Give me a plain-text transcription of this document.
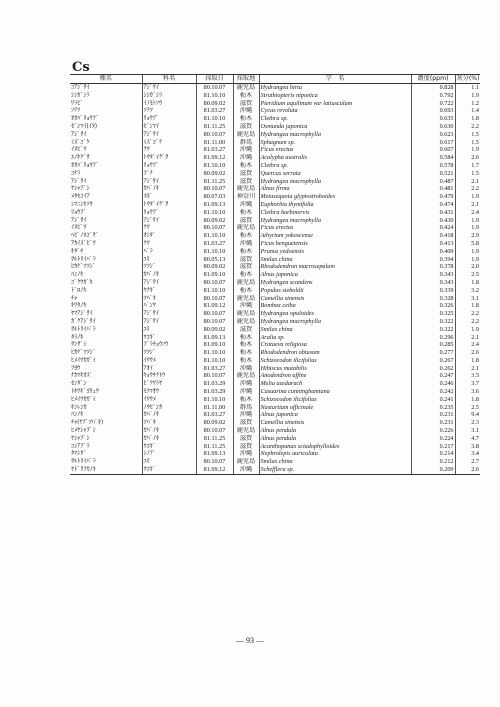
Cs
種名	科名	採取日	採取地	学　名	濃度(ppm)	灰分(%)
ｺｱｼﾞｻｲ	ｱｼﾞｻｲ	80.10.07	鹿児島	Hydrangea hirta	0.828	1.1
ｼｼｶﾞｼﾗ	ｼｼｶﾞｼﾗ	81.10.10	栃木	Struthiopteris niponica	0.792	1.9
ﾜﾗﾋﾞ	ｲﾉﾓﾄｿｳ	80.09.02	滋賀	Pteridium aquilinum var latiusculum	0.722	1.2
ｿﾃﾂ	ｿﾃﾂ	81.03.27	沖縄	Cycas revoluta	0.693	1.4
ｵｵﾊﾞﾘｮｳﾌﾞ	ﾘｮｳﾌﾞ	81.10.10	栃木	Clethra sp.	0.635	1.8
ｾﾞﾝﾏｲ(ｲﾇ)	ｾﾞﾝﾏｲ	81.11.25	滋賀	Osmunda japonica	0.630	2.2
ｱｼﾞｻｲ	ｱｼﾞｻｲ	80.10.07	鹿児島	Hydrangea macrophylla	0.623	1.5
ﾐｽﾞｺﾞｹ	ﾐｽﾞｺﾞｹ	81.11.00	群馬	Sphagnum sp.	0.617	1.5
ｲﾇﾋﾞﾜ	ｸﾜ	81.03.27	沖縄	Ficus erectus	0.607	1.9
ｴﾉｷｸﾞｻ	ﾄｳﾀﾞｲｸﾞｻ	81.09.12	沖縄	Acalypha australis	0.584	2.6
ｵｵﾊﾞﾘｮｳﾌﾞ	ﾘｮｳﾌﾞ	81.10.10	栃木	Clethra sp.	0.578	1.7
ｺﾅﾗ	ﾌﾞﾅ	80.09.02	滋賀	Quercus serrata	0.521	1.5
ｱｼﾞｻｲ	ｱｼﾞｻｲ	81.11.25	滋賀	Hydrangea macrophylla	0.487	2.1
ﾔｼｬﾌﾞｼ	ｶﾊﾞﾉｷ	80.10.07	鹿児島	Alnus firma	0.481	2.2
ﾒﾀｾｺｲｱ	ｽｷﾞ	80.07.03	神奈川	Metasequoia glyptostroboides	0.479	1.9
ｼﾏﾆｼｷｿｳ	ﾄｳﾀﾞｲｸﾞｻ	81.09.13	沖縄	Euphorbia thymifolia	0.474	2.1
ﾘｮｳﾌﾞ	ﾘｮｳﾌﾞ	81.10.10	栃木	Clethra barbinervis	0.431	2.4
ｱｼﾞｻｲ	ｱｼﾞｻｲ	80.09.02	滋賀	Hydrangea macrophylla	0.430	1.9
ｲﾇﾋﾞﾜ	ｸﾜ	80.10.07	鹿児島	Ficus erectus	0.424	1.9
ﾍﾋﾞﾉﾈｺﾞｻﾞ	ｵｼﾀﾞ	81.10.10	栃木	Athyrium yokoscense	0.418	2.9
ｱｶｲｽﾞﾋﾞﾜ	ｸﾜ	81.03.27	沖縄	Ficus benguetensis	0.413	5.8
ｷﾀﾞﾁ	ﾊﾞﾗ	81.10.10	栃木	Prunus yedoensis	0.409	1.9
ｻﾙﾄﾘｲﾊﾞﾗ	ﾕﾘ	80.05.13	滋賀	Smilax china	0.394	1.9
ﾋｶｹﾞﾂﾂｼﾞ	ﾂﾂｼﾞ	80.09.02	滋賀	Rhododendron macrosepalum	0.378	2.0
ﾊﾝﾉｷ	ｶﾊﾞﾉｷ	81.09.10	栃木	Alnus japonica	0.343	2.5
ｺﾞｸｳｶﾞｷ	ｱｼﾞｻｲ	80.10.07	鹿児島	Hydrangea scandens	0.343	1.8
ﾄﾞﾛﾉｷ	ﾔﾅｷﾞ	81.10.10	栃木	Populus sieboldii	0.339	3.2
ﾁｬ	ﾂﾊﾞｷ	80.10.07	鹿児島	Camellia sinensis	0.328	3.1
ｷﾜﾀﾉｷ	ﾊﾟﾝﾔ	81.09.12	沖縄	Bombax ceiba	0.326	1.8
ﾔﾏｱｼﾞｻｲ	ｱｼﾞｻｲ	80.10.07	鹿児島	Hydrangea opuloides	0.325	2.2
ｶﾞｸｱｼﾞｻｲ	ｱｼﾞｻｲ	80.10.07	鹿児島	Hydrangea macrophylla	0.322	2.2
ｻﾙﾄﾘｲﾊﾞﾗ	ﾕﾘ	80.09.02	滋賀	Smilax china	0.322	1.9
ﾀﾗﾉｷ	ｳｺｷﾞ	81.09.13	栃木	Aralia sp.	0.296	2.1
ｻﾝｻﾞｼ	ﾌﾞﾗﾁｮｳｿｳ	81.09.10	栃木	Crataeva religiosa	0.285	2.4
ﾋｶｹﾞﾂﾂｼﾞ	ﾂﾂｼﾞ	81.10.10	栃木	Rhododendron obtusum	0.277	2.6
ﾋﾒｲﾜｶｶﾞﾐ	ｲﾜｳﾒ	81.10.10	栃木	Schizocodon ilicifolius	0.267	1.8
ﾌﾖｳ	ｱｵｲ	81.03.27	沖縄	Hibiscus mutabilis	0.262	2.1
ﾅｶﾏｷｵｽﾞ	ｷｮｳﾁｸﾄｳ	80.10.07	鹿児島	Anodendron affine	0.247	3.5
ｾﾝﾀﾞﾝ	ﾋﾞｸﾜﾗﾔ	81.03.29	沖縄	Melia azedarach	0.246	3.7
ﾄｷﾜｷﾞﾖﾘｭｳ	ﾓｸﾏｵｳ	81.03.29	沖縄	Casuarina cunninghamiana	0.242	3.6
ﾋﾒｲﾜｶｶﾞﾐ	ｲﾜｳﾒ	81.10.10	栃木	Schizocodon ilicifolius	0.241	1.8
ｷﾝﾚﾝｶ	ﾉｳｾﾞﾝｶ	81.11.00	群馬	Nasturtium officinale	0.235	2.5
ﾊﾝﾉｷ	ｶﾊﾞﾉｷ	81.03.27	沖縄	Alnus japonica	0.231	9.4
ﾁｬ(ﾔﾌﾞﾂﾊﾞｷ)	ﾂﾊﾞｷ	80.09.02	滋賀	Camellia sinensis	0.231	2.3
ﾋﾒﾔｼｬﾌﾞｼ	ｶﾊﾞﾉｷ	80.10.07	鹿児島	Alnus pendula	0.226	3.1
ﾔｼｬﾌﾞｼ	ｶﾊﾞﾉｷ	81.11.25	滋賀	Alnus pendula	0.224	4.7
ｺｼｱﾌﾞﾗ	ｳｺｷﾞ	81.11.25	滋賀	Acanthopanax sciadophylloides	0.217	3.8
ﾀﾏｼﾀﾞ	ｼﾉﾌﾞ	81.09.13	沖縄	Nephrolepis auriculata	0.214	3.4
ｻﾙﾄﾘｲﾊﾞﾗ	ﾕﾘ	80.10.07	鹿児島	Smilax china	0.212	2.7
ﾔﾄﾞﾘﾌｶﾉｷ	ｳｺｷﾞ	81.09.12	沖縄	Schefflera sp.	0.209	2.6
— 93 —
